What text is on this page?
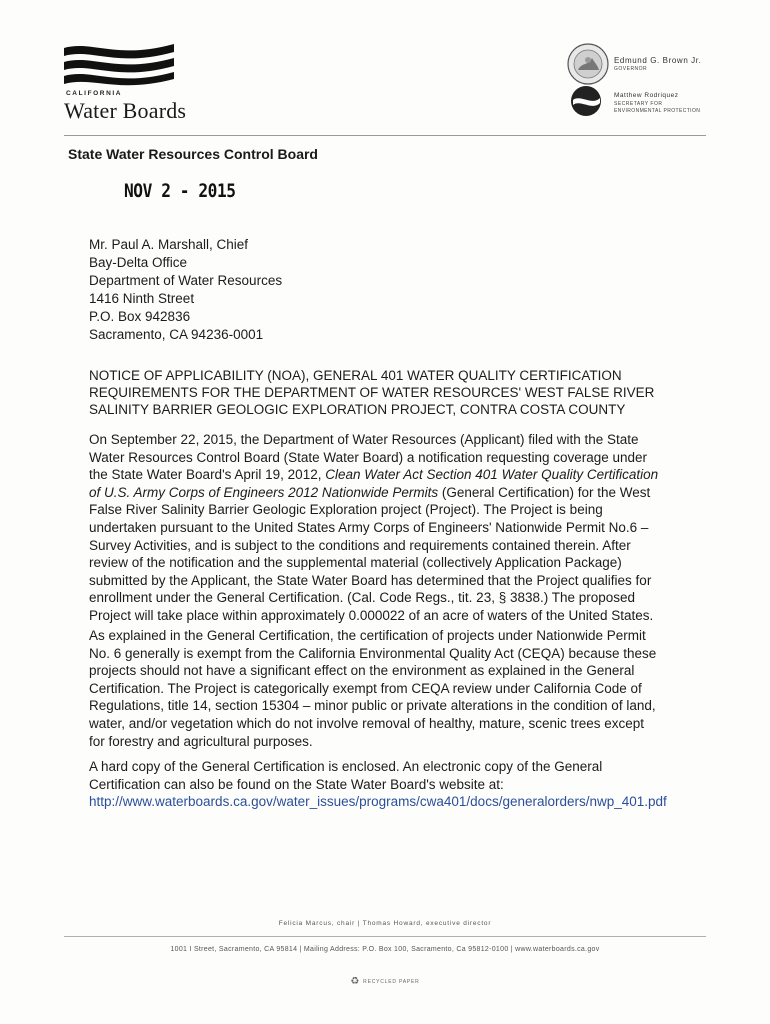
CALIFORNIA
Water Boards
Edmund G. Brown Jr.
GOVERNOR
Matthew Rodriquez
SECRETARY FOR
ENVIRONMENTAL PROTECTION
State Water Resources Control Board
NOV 2 - 2015
Mr. Paul A. Marshall, Chief
Bay-Delta Office
Department of Water Resources
1416 Ninth Street
P.O. Box 942836
Sacramento, CA 94236-0001
NOTICE OF APPLICABILITY (NOA), GENERAL 401 WATER QUALITY CERTIFICATION
REQUIREMENTS FOR THE DEPARTMENT OF WATER RESOURCES' WEST FALSE RIVER
SALINITY BARRIER GEOLOGIC EXPLORATION PROJECT, CONTRA COSTA COUNTY
On September 22, 2015, the Department of Water Resources (Applicant) filed with the State
Water Resources Control Board (State Water Board) a notification requesting coverage under
the State Water Board's April 19, 2012, Clean Water Act Section 401 Water Quality Certification
of U.S. Army Corps of Engineers 2012 Nationwide Permits (General Certification) for the West
False River Salinity Barrier Geologic Exploration project (Project). The Project is being
undertaken pursuant to the United States Army Corps of Engineers' Nationwide Permit No.6 –
Survey Activities, and is subject to the conditions and requirements contained therein. After
review of the notification and the supplemental material (collectively Application Package)
submitted by the Applicant, the State Water Board has determined that the Project qualifies for
enrollment under the General Certification. (Cal. Code Regs., tit. 23, § 3838.) The proposed
Project will take place within approximately 0.000022 of an acre of waters of the United States.
As explained in the General Certification, the certification of projects under Nationwide Permit
No. 6 generally is exempt from the California Environmental Quality Act (CEQA) because these
projects should not have a significant effect on the environment as explained in the General
Certification. The Project is categorically exempt from CEQA review under California Code of
Regulations, title 14, section 15304 – minor public or private alterations in the condition of land,
water, and/or vegetation which do not involve removal of healthy, mature, scenic trees except
for forestry and agricultural purposes.
A hard copy of the General Certification is enclosed. An electronic copy of the General
Certification can also be found on the State Water Board's website at:
http://www.waterboards.ca.gov/water_issues/programs/cwa401/docs/generalorders/nwp_401.pdf
Felicia Marcus, chair | Thomas Howard, executive director
1001 I Street, Sacramento, CA 95814 | Mailing Address: P.O. Box 100, Sacramento, Ca 95812-0100 | www.waterboards.ca.gov
♻ RECYCLED PAPER
